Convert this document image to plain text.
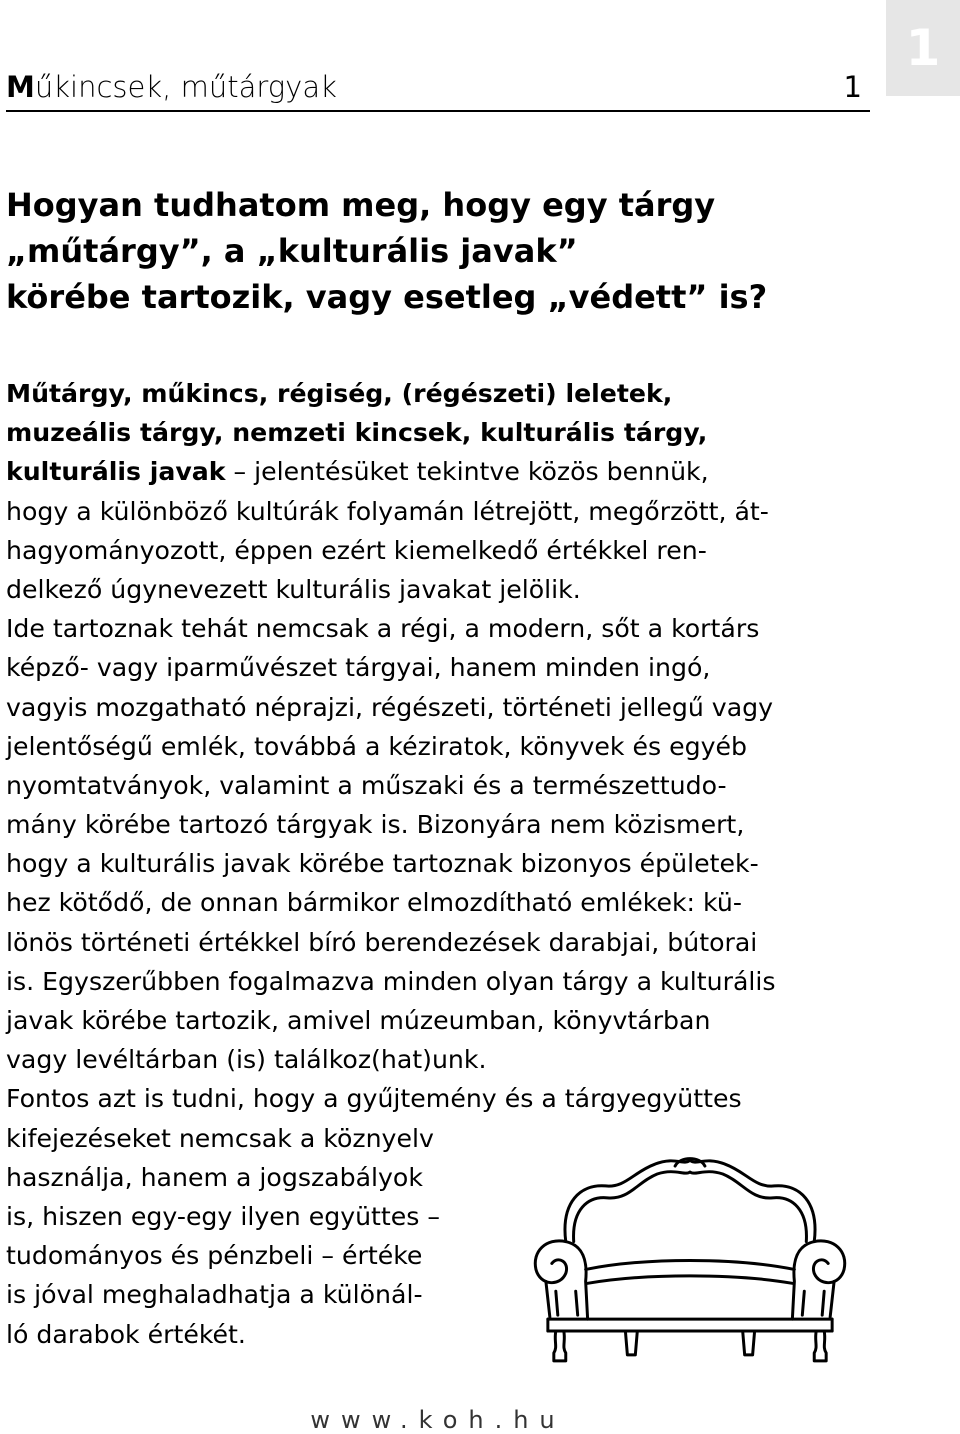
1
Műkincsek, műtárgyak	1
Hogyan tudhatom meg, hogy egy tárgy
„műtárgy”, a „kulturális javak”
körébe tartozik, vagy esetleg „védett” is?
Műtárgy, műkincs, régiség, (régészeti) leletek,
muzeális tárgy, nemzeti kincsek, kulturális tárgy,
kulturális javak – jelentésüket tekintve közös bennük,
hogy a különböző kultúrák folyamán létrejött, megőrzött, át-
hagyományozott, éppen ezért kiemelkedő értékkel ren-
delkező úgynevezett kulturális javakat jelölik.
Ide tartoznak tehát nemcsak a régi, a modern, sőt a kortárs
képző- vagy iparművészet tárgyai, hanem minden ingó,
vagyis mozgatható néprajzi, régészeti, történeti jellegű vagy
jelentőségű emlék, továbbá a kéziratok, könyvek és egyéb
nyomtatványok, valamint a műszaki és a természettudo-
mány körébe tartozó tárgyak is. Bizonyára nem közismert,
hogy a kulturális javak körébe tartoznak bizonyos épületek-
hez kötődő, de onnan bármikor elmozdítható emlékek: kü-
lönös történeti értékkel bíró berendezések darabjai, bútorai
is. Egyszerűbben fogalmazva minden olyan tárgy a kulturális
javak körébe tartozik, amivel múzeumban, könyvtárban
vagy levéltárban (is) találkoz(hat)unk.
Fontos azt is tudni, hogy a gyűjtemény és a tárgyegyüttes
kifejezéseket nemcsak a köznyelv
használja, hanem a jogszabályok
is, hiszen egy-egy ilyen együttes –
tudományos és pénzbeli – értéke
is jóval meghaladhatja a különál-
ló darabok értékét.
www.koh.hu
